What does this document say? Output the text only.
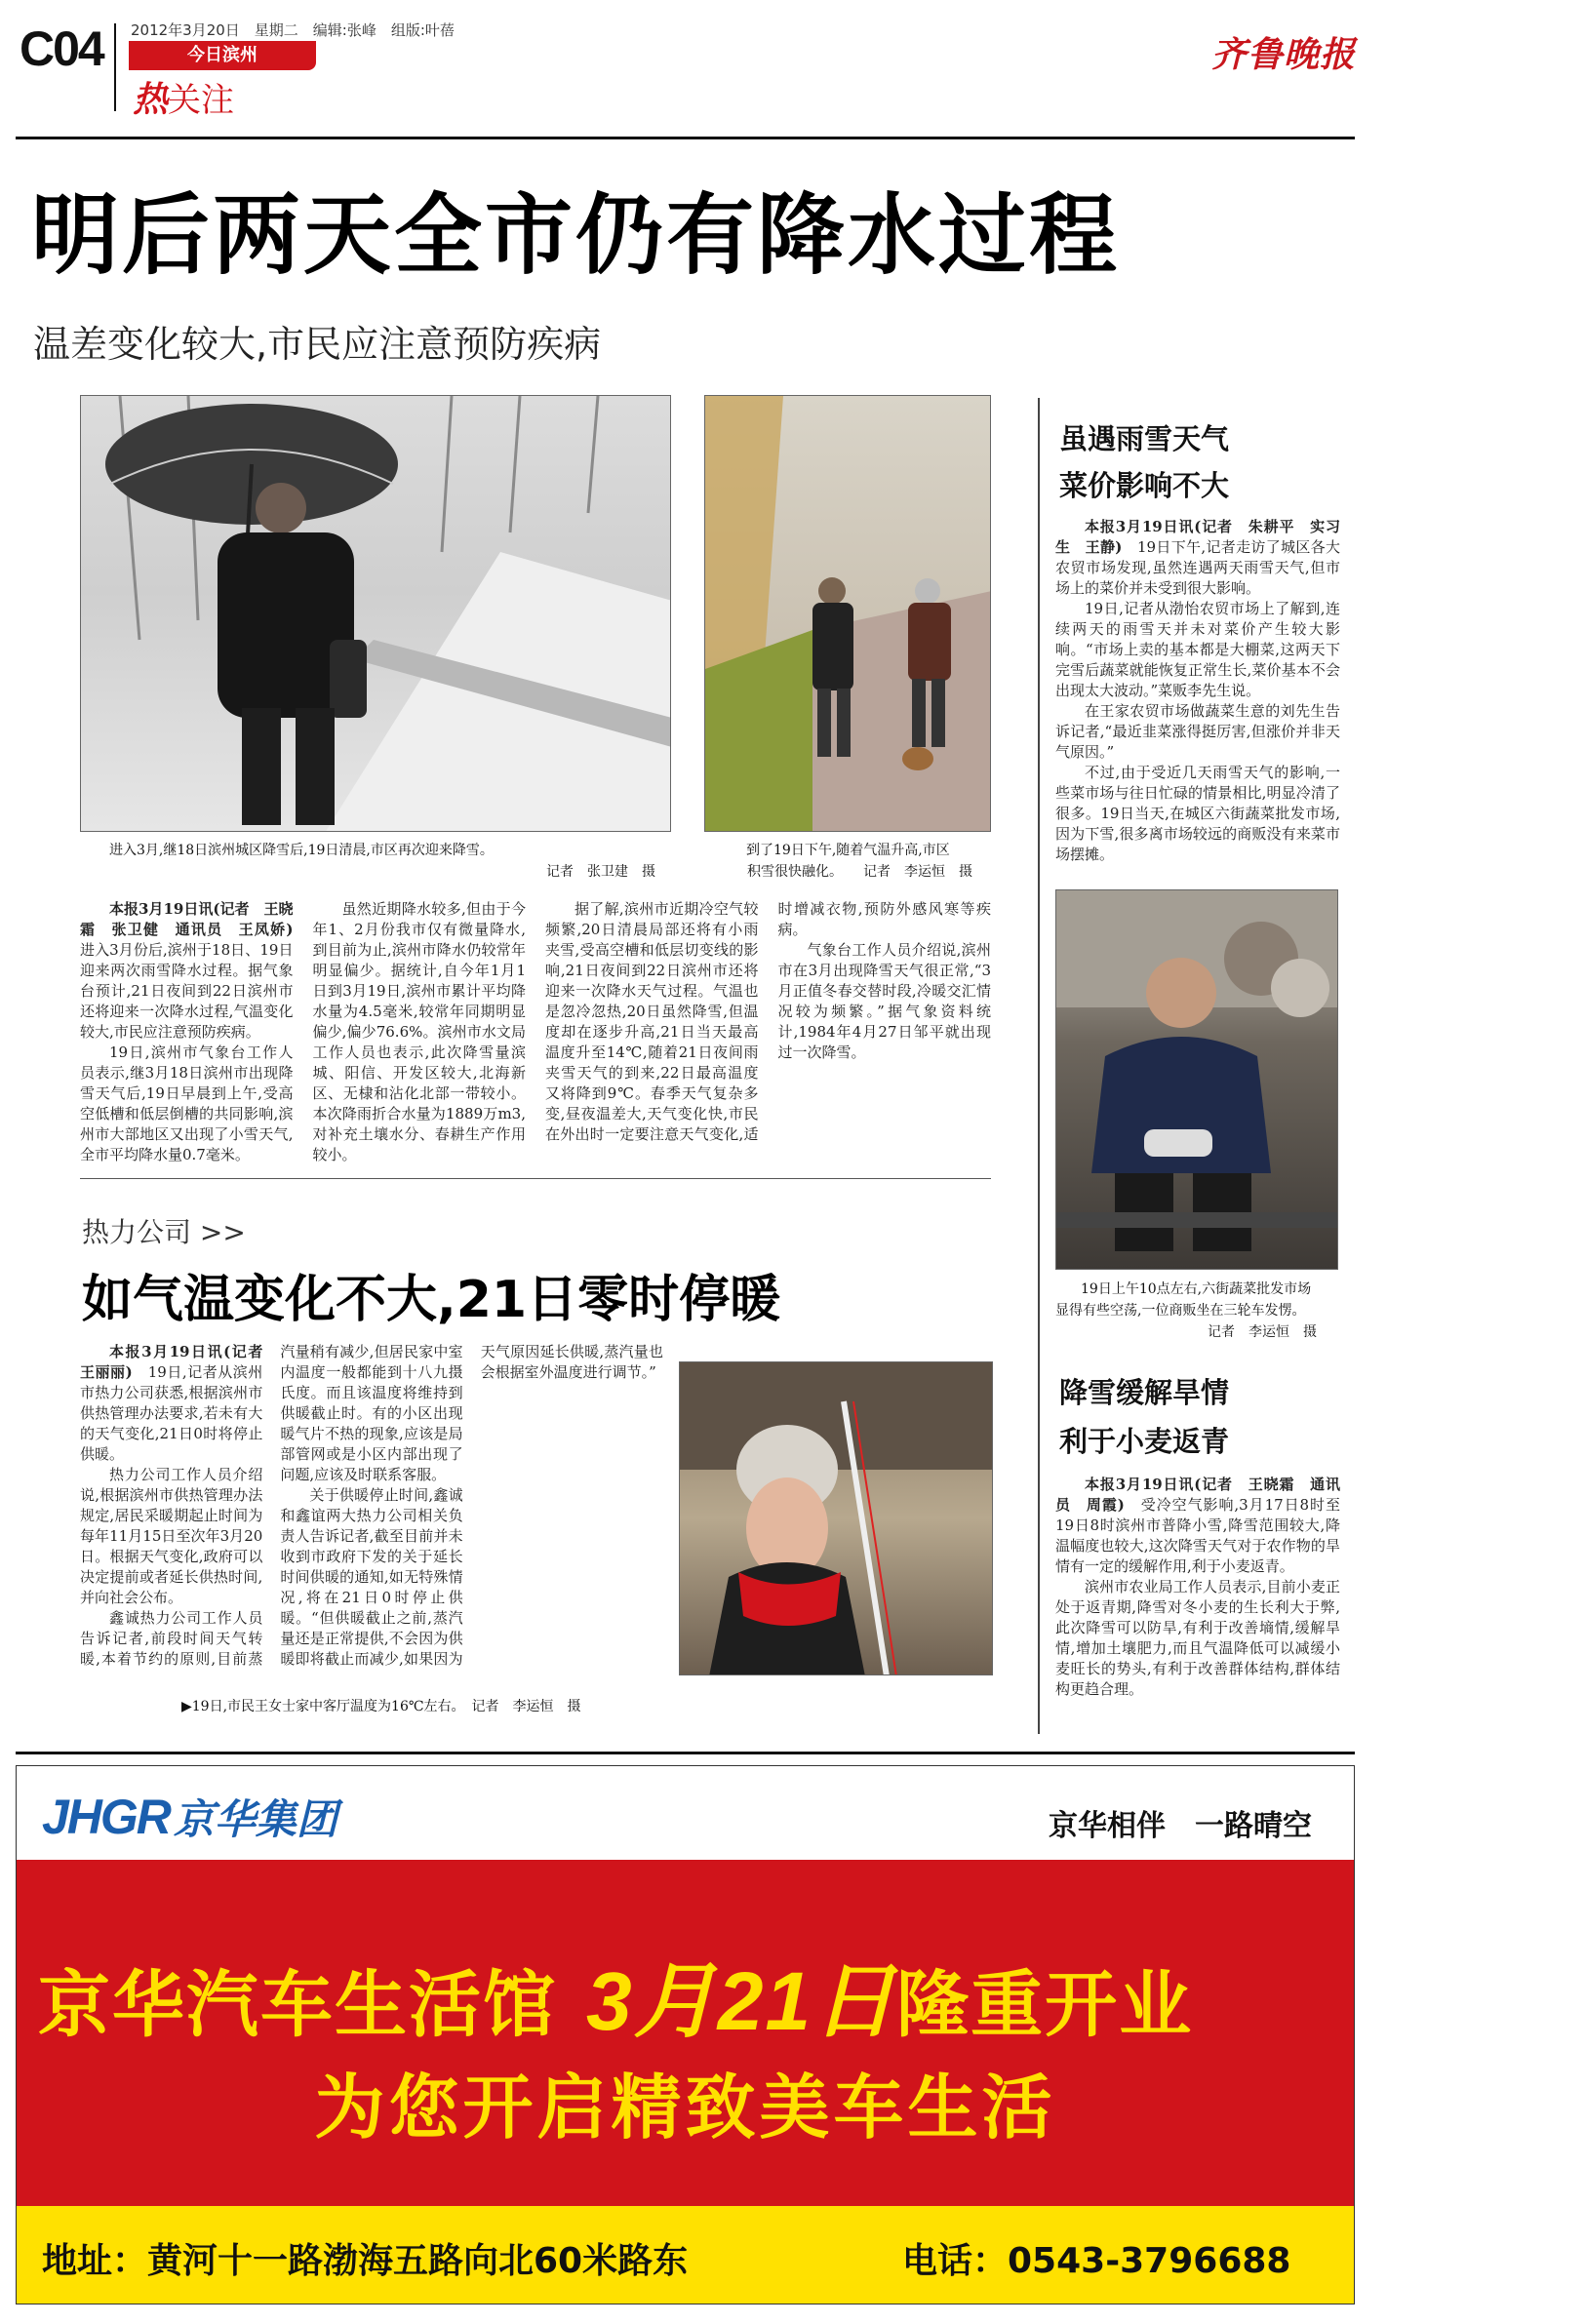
C04 2012年3月20日　星期二　编辑:张峰　组版:叶蓓
今日滨州
热关注
齐鲁晚报
明后两天全市仍有降水过程
温差变化较大,市民应注意预防疾病
进入3月,继18日滨州城区降雪后,19日清晨,市区再次迎来降雪。
记者　张卫建　摄
到了19日下午,随着气温升高,市区
积雪很快融化。　　记者　李运恒　摄

本报3月19日讯(记者　王晓霜　张卫健　通讯员　王凤娇)　进入3月份后,滨州于18日、19日迎来两次雨雪降水过程。据气象台预计,21日夜间到22日滨州市还将迎来一次降水过程,气温变化较大,市民应注意预防疾病。

19日,滨州市气象台工作人员表示,继3月18日滨州市出现降雪天气后,19日早晨到上午,受高空低槽和低层倒槽的共同影响,滨州市大部地区又出现了小雪天气,全市平均降水量0.7毫米。

虽然近期降水较多,但由于今年1、2月份我市仅有微量降水,到目前为止,滨州市降水仍较常年明显偏少。据统计,自今年1月1日到3月19日,滨州市累计平均降水量为4.5毫米,较常年同期明显偏少,偏少76.6%。滨州市水文局工作人员也表示,此次降雪量滨城、阳信、开发区较大,北海新区、无棣和沾化北部一带较小。本次降雨折合水量为1889万m3,对补充土壤水分、春耕生产作用较小。

据了解,滨州市近期冷空气较频繁,20日清晨局部还将有小雨夹雪,受高空槽和低层切变线的影响,21日夜间到22日滨州市还将迎来一次降水天气过程。气温也是忽冷忽热,20日虽然降雪,但温度却在逐步升高,21日当天最高温度升至14℃,随着21日夜间雨夹雪天气的到来,22日最高温度又将降到9℃。春季天气复杂多变,昼夜温差大,天气变化快,市民在外出时一定要注意天气变化,适时增减衣物,预防外感风寒等疾病。

气象台工作人员介绍说,滨州市在3月出现降雪天气很正常,“3月正值冬春交替时段,冷暖交汇情况较为频繁。”据气象资料统计,1984年4月27日邹平就出现过一次降雪。

热力公司 >>
如气温变化不大,21日零时停暖

本报3月19日讯(记者　王丽丽)　 19日,记者从滨州市热力公司获悉,根据滨州市供热管理办法要求,若未有大的天气变化,21日0时将停止供暖。

热力公司工作人员介绍说,根据滨州市供热管理办法规定,居民采暖期起止时间为每年11月15日至次年3月20日。根据天气变化,政府可以决定提前或者延长供热时间,并向社会公布。

鑫诚热力公司工作人员告诉记者,前段时间天气转暖,本着节约的原则,目前蒸汽量稍有减少,但居民家中室内温度一般都能到十八九摄氏度。而且该温度将维持到供暖截止时。有的小区出现暖气片不热的现象,应该是局部管网或是小区内部出现了问题,应该及时联系客服。

关于供暖停止时间,鑫诚和鑫谊两大热力公司相关负责人告诉记者,截至目前并未收到市政府下发的关于延长时间供暖的通知,如无特殊情况,将在21日0时停止供暖。“但供暖截止之前,蒸汽量还是正常提供,不会因为供暖即将截止而减少,如果因为天气原因延长供暖,蒸汽量也会根据室外温度进行调节。”

▶19日,市民王女士家中客厅温度为16℃左右。　记者　李运恒　摄
虽遇雨雪天气
菜价影响不大

本报3月19日讯(记者　朱耕平　实习生　王静)　 19日下午,记者走访了城区各大农贸市场发现,虽然连遇两天雨雪天气,但市场上的菜价并未受到很大影响。

19日,记者从渤怡农贸市场上了解到,连续两天的雨雪天并未对菜价产生较大影响。“市场上卖的基本都是大棚菜,这两天下完雪后蔬菜就能恢复正常生长,菜价基本不会出现太大波动。”菜贩李先生说。

在王家农贸市场做蔬菜生意的刘先生告诉记者,“最近韭菜涨得挺厉害,但涨价并非天气原因。”

不过,由于受近几天雨雪天气的影响,一些菜市场与往日忙碌的情景相比,明显冷清了很多。19日当天,在城区六街蔬菜批发市场,因为下雪,很多离市场较远的商贩没有来菜市场摆摊。

19日上午10点左右,六街蔬菜批发市场
显得有些空荡,一位商贩坐在三轮车发愣。
记者　李运恒　摄
降雪缓解旱情
利于小麦返青

本报3月19日讯(记者　王晓霜　通讯员　周霞)　 受冷空气影响,3月17日8时至19日8时滨州市普降小雪,降雪范围较大,降温幅度也较大,这次降雪天气对于农作物的旱情有一定的缓解作用,利于小麦返青。

滨州市农业局工作人员表示,目前小麦正处于返青期,降雪对冬小麦的生长利大于弊,此次降雪可以防旱,有利于改善墒情,缓解旱情,增加土壤肥力,而且气温降低可以减缓小麦旺长的势头,有利于改善群体结构,群体结构更趋合理。

JHGR京华集团	京华相伴　一路晴空
京华汽车生活馆 3月21日隆重开业
为您开启精致美车生活
地址：黄河十一路渤海五路向北60米路东	电话：0543-3796688
